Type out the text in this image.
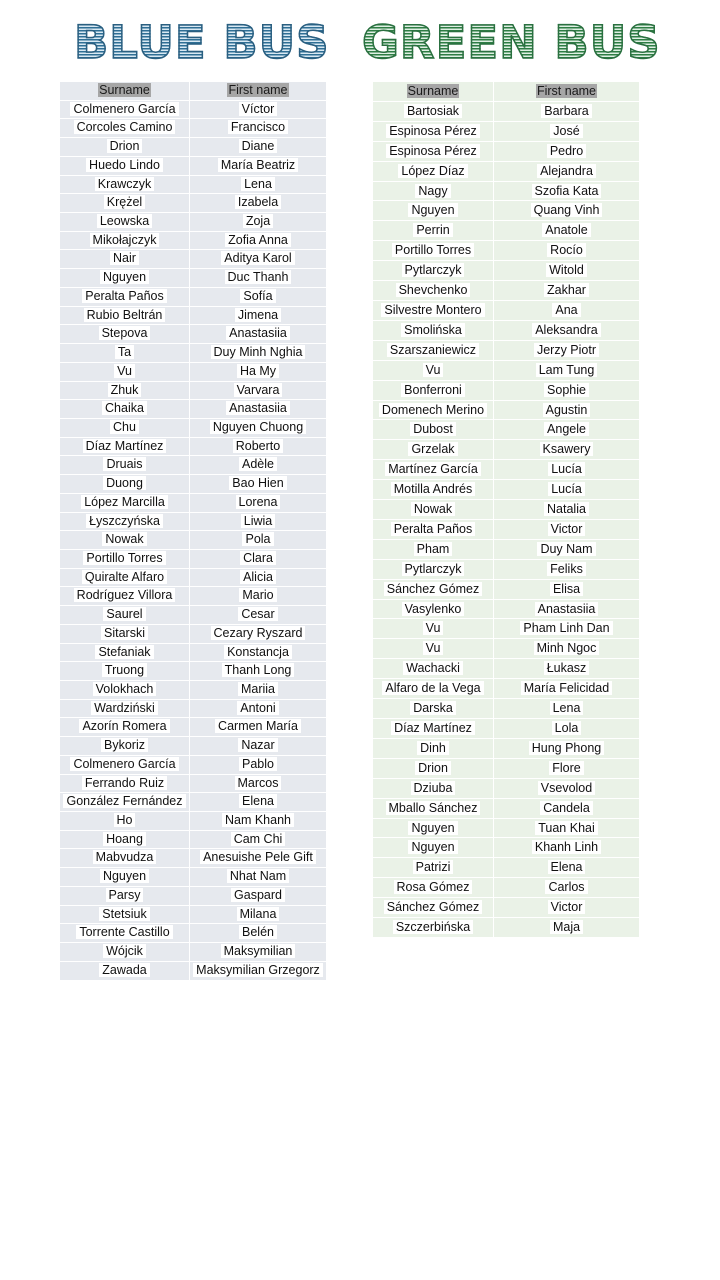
BLUE BUS GREEN BUS
Surname	First name
Colmenero García	Víctor
Corcoles Camino	Francisco
Drion	Diane
Huedo Lindo	María Beatriz
Krawczyk	Lena
Krężel	Izabela
Leowska	Zoja
Mikołajczyk	Zofia Anna
Nair	Aditya Karol
Nguyen	Duc Thanh
Peralta Paños	Sofía
Rubio Beltrán	Jimena
Stepova	Anastasiia
Ta	Duy Minh Nghia
Vu	Ha My
Zhuk	Varvara
Chaika	Anastasiia
Chu	Nguyen Chuong
Díaz Martínez	Roberto
Druais	Adèle
Duong	Bao Hien
López Marcilla	Lorena
Łyszczyńska	Liwia
Nowak	Pola
Portillo Torres	Clara
Quiralte Alfaro	Alicia
Rodríguez Villora	Mario
Saurel	Cesar
Sitarski	Cezary Ryszard
Stefaniak	Konstancja
Truong	Thanh Long
Volokhach	Mariia
Wardziński	Antoni
Azorín Romera	Carmen María
Bykoriz	Nazar
Colmenero García	Pablo
Ferrando Ruiz	Marcos
González Fernández	Elena
Ho	Nam Khanh
Hoang	Cam Chi
Mabvudza	Anesuishe Pele Gift
Nguyen	Nhat Nam
Parsy	Gaspard
Stetsiuk	Milana
Torrente Castillo	Belén
Wójcik	Maksymilian
Zawada	Maksymilian Grzegorz
Surname	First name
Bartosiak	Barbara
Espinosa Pérez	José
Espinosa Pérez	Pedro
López Díaz	Alejandra
Nagy	Szofia Kata
Nguyen	Quang Vinh
Perrin	Anatole
Portillo Torres	Rocío
Pytlarczyk	Witold
Shevchenko	Zakhar
Silvestre Montero	Ana
Smolińska	Aleksandra
Szarszaniewicz	Jerzy Piotr
Vu	Lam Tung
Bonferroni	Sophie
Domenech Merino	Agustin
Dubost	Angele
Grzelak	Ksawery
Martínez García	Lucía
Motilla Andrés	Lucía
Nowak	Natalia
Peralta Paños	Victor
Pham	Duy Nam
Pytlarczyk	Feliks
Sánchez Gómez	Elisa
Vasylenko	Anastasiia
Vu	Pham Linh Dan
Vu	Minh Ngoc
Wachacki	Łukasz
Alfaro de la Vega	María Felicidad
Darska	Lena
Díaz Martínez	Lola
Dinh	Hung Phong
Drion	Flore
Dziuba	Vsevolod
Mballo Sánchez	Candela
Nguyen	Tuan Khai
Nguyen	Khanh Linh
Patrizi	Elena
Rosa Gómez	Carlos
Sánchez Gómez	Victor
Szczerbińska	Maja
